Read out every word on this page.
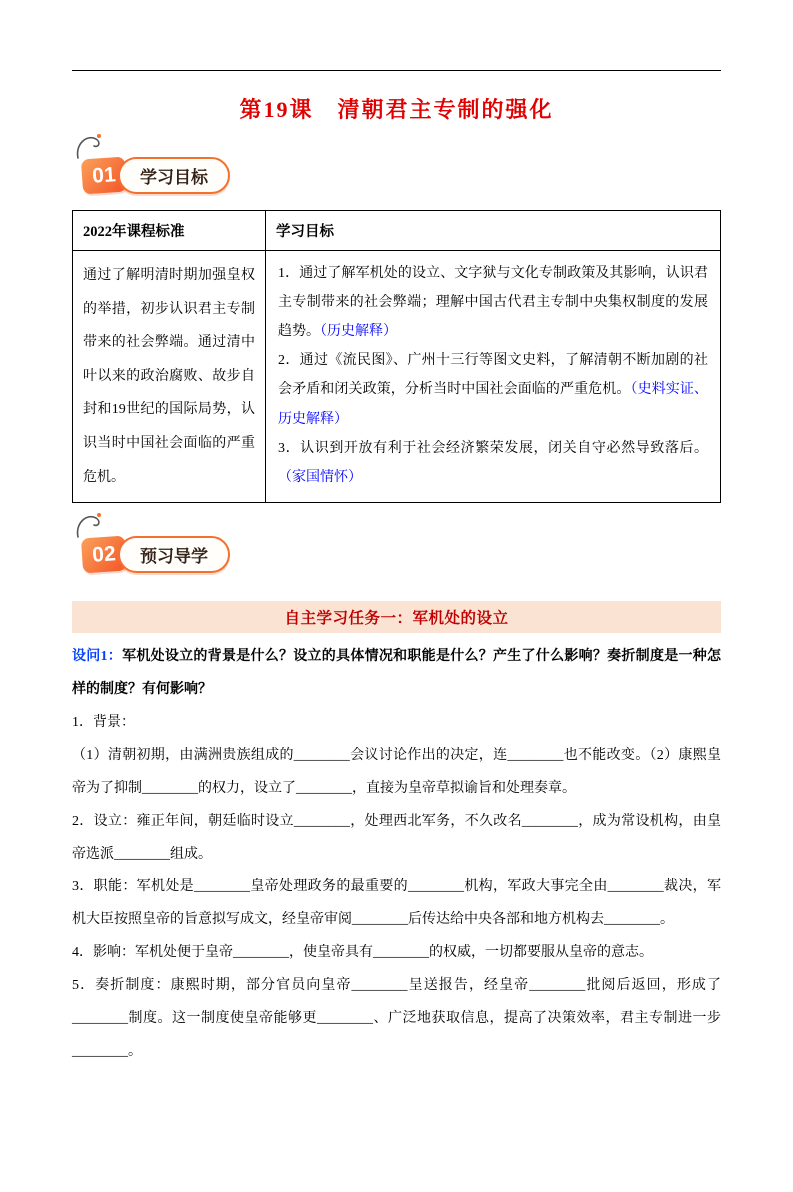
第19课　清朝君主专制的强化
01	学习目标
2022年课程标准	学习目标
通过了解明清时期加强皇权的举措，初步认识君主专制带来的社会弊端。通过清中叶以来的政治腐败、故步自封和19世纪的国际局势，认识当时中国社会面临的严重危机。	1．通过了解军机处的设立、文字狱与文化专制政策及其影响，认识君主专制带来的社会弊端；理解中国古代君主专制中央集权制度的发展趋势。（历史解释）
2．通过《流民图》、广州十三行等图文史料，了解清朝不断加剧的社会矛盾和闭关政策，分析当时中国社会面临的严重危机。（史料实证、历史解释）
3．认识到开放有利于社会经济繁荣发展，闭关自守必然导致落后。（家国情怀）
02	预习导学
自主学习任务一：军机处的设立

设问1：军机处设立的背景是什么？设立的具体情况和职能是什么？产生了什么影响？奏折制度是一种怎样的制度？有何影响？

1．背景：

（1）清朝初期，由满洲贵族组成的________会议讨论作出的决定，连________也不能改变。（2）康熙皇帝为了抑制________的权力，设立了________，直接为皇帝草拟谕旨和处理奏章。

2．设立：雍正年间，朝廷临时设立________，处理西北军务，不久改名________，成为常设机构，由皇帝选派________组成。

3．职能：军机处是________皇帝处理政务的最重要的________机构，军政大事完全由________裁决，军机大臣按照皇帝的旨意拟写成文，经皇帝审阅________后传达给中央各部和地方机构去________。

4．影响：军机处便于皇帝________，使皇帝具有________的权威，一切都要服从皇帝的意志。

5．奏折制度：康熙时期，部分官员向皇帝________呈送报告，经皇帝________批阅后返回，形成了________制度。这一制度使皇帝能够更________、广泛地获取信息，提高了决策效率，君主专制进一步________。
